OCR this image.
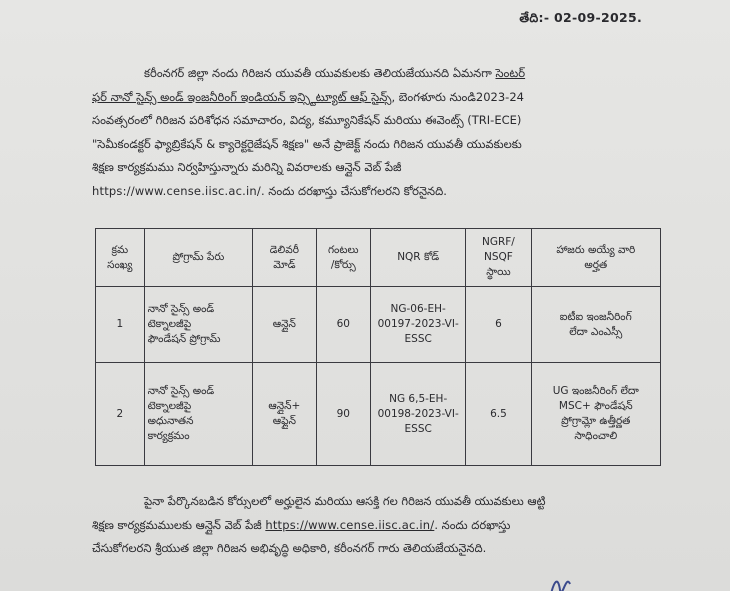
తేది:- 02-09-2025.

కరీంనగర్ జిల్లా నందు గిరిజన యువతీ యువకులకు తెలియజేయునది ఏమనగా సెంటర్

ఫర్ నానో సైన్స్ అండ్ ఇంజనీరింగ్ ఇండియన్ ఇన్స్టిట్యూట్ ఆఫ్ సైన్స్, బెంగళూరు నుండి2023-24

సంవత్సరంలో గిరిజన పరిశోధన సమాచారం, విద్య, కమ్యూనికేషన్ మరియు ఈవెంట్స్ (TRI-ECE)

"సెమీకండక్టర్ ఫ్యాబ్రికేషన్ & క్యారెక్టరైజేషన్ శిక్షణ" అనే ప్రాజెక్ట్ నందు గిరిజన యువతీ యువకులకు

శిక్షణ కార్యక్రమము నిర్వహిస్తున్నారు మరిన్ని వివరాలకు ఆన్లైన్ వెబ్ పేజీ

https://www.cense.iisc.ac.in/. నందు దరఖాస్తు చేసుకోగలరని కోరనైనది.

క్రమ
సంఖ్య	ప్రోగ్రామ్ పేరు	డెలివరీ
మోడ్	గంటలు
/కోర్సు	NQR కోడ్	NGRF/
NSQF
స్థాయి	హాజరు అయ్యే వారి
అర్హత
1	నానో సైన్స్ అండ్
టెక్నాలజీపై
ఫౌండేషన్ ప్రోగ్రామ్	ఆన్లైన్	60	NG-06-EH-
00197-2023-VI-
ESSC	6	ఐటీఐ ఇంజనీరింగ్
లేదా ఎంఎస్సీ
2	నానో సైన్స్ అండ్
టెక్నాలజీపై
అధునాతన
కార్యక్రమం	ఆన్లైన్+
ఆఫ్లైన్	90	NG 6,5-EH-
00198-2023-VI-
ESSC	6.5	UG ఇంజనీరింగ్ లేదా
MSC+ ఫౌండేషన్
ప్రోగ్రామ్లో ఉత్తీర్ణత
సాధించాలి

పైనా పేర్కొనబడిన కోర్సులలో అర్హులైన మరియు ఆసక్తి గల గిరిజన యువతీ యువకులు ఆట్టి

శిక్షణ కార్యక్రమములకు ఆన్లైన్ వెబ్ పేజీ https://www.cense.iisc.ac.in/. నందు దరఖాస్తు

చేసుకోగలరని శ్రీయుత జిల్లా గిరిజన అభివృద్ధి అధికారి, కరీంనగర్ గారు తెలియజేయనైనది.
